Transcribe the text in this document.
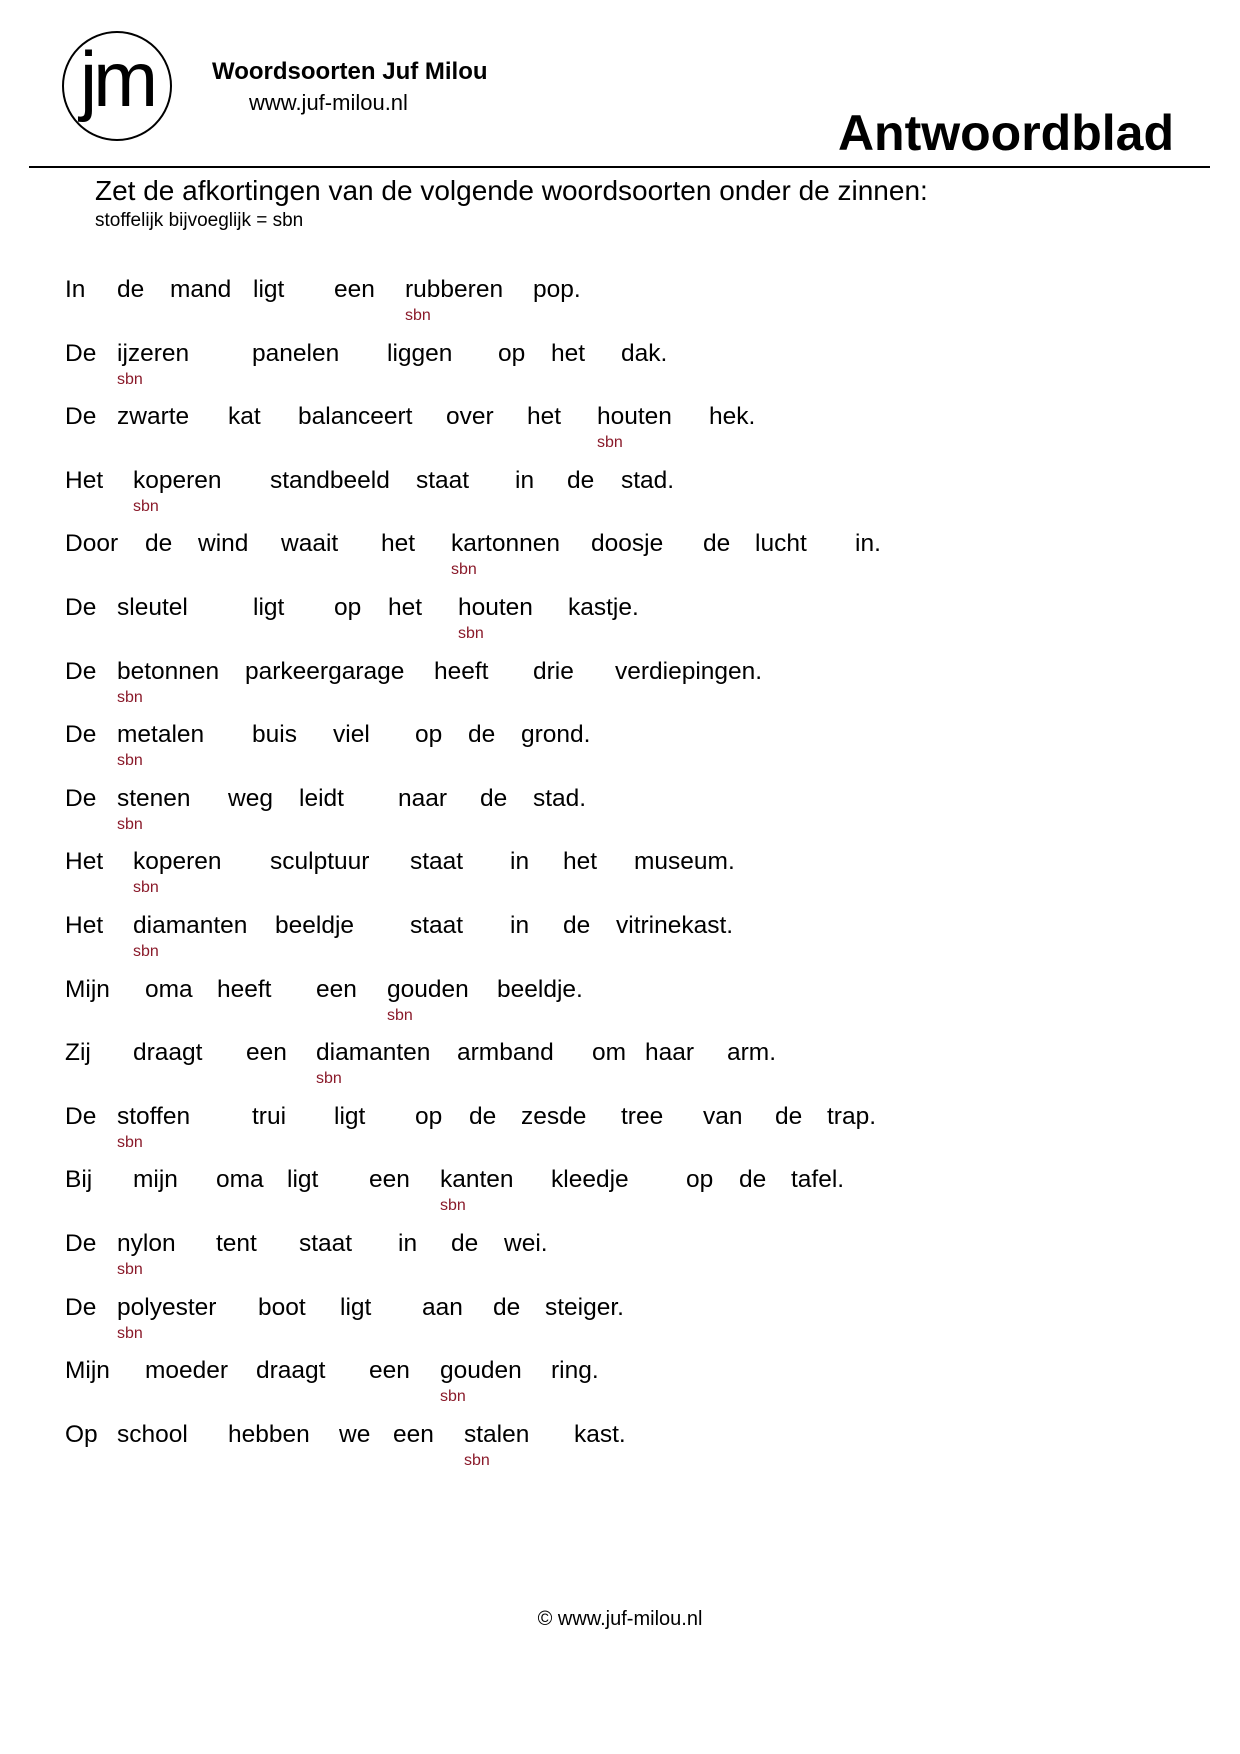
jm	Woordsoorten Juf Milou
www.juf-milou.nl
Antwoordblad
Zet de afkortingen van de volgende woordsoorten onder de zinnen:
stoffelijk bijvoeglijk = sbn
In de mand ligt een rubberen pop.
sbn
De ijzeren	panelen liggen op het dak.
sbn
De zwarte kat balanceert over het houten hek.
sbn
Het koperen standbeeld staat in de stad.
sbn
Door de wind waait het kartonnen doosje de lucht in.
sbn
De sleutel	ligt op het houten kastje.
sbn
De betonnen parkeergarage heeft drie verdiepingen.
sbn
De metalen buis viel op de grond.
sbn
De stenen weg leidt naar de stad.
sbn
Het koperen sculptuur staat in het museum.
sbn
Het diamanten beeldje staat in de vitrinekast.
sbn
Mijn oma heeft een gouden beeldje.
sbn
Zij draagt een diamanten armband om haar arm.
sbn
De stoffen	trui ligt op de zesde tree van de trap.
sbn
Bij mijn oma ligt een kanten kleedje op de tafel.
sbn
De nylon tent staat in de wei.
sbn
De polyester boot ligt aan de steiger.
sbn
Mijn moeder draagt een gouden ring.
sbn
Op school hebben we een stalen kast.
sbn
© www.juf-milou.nl
